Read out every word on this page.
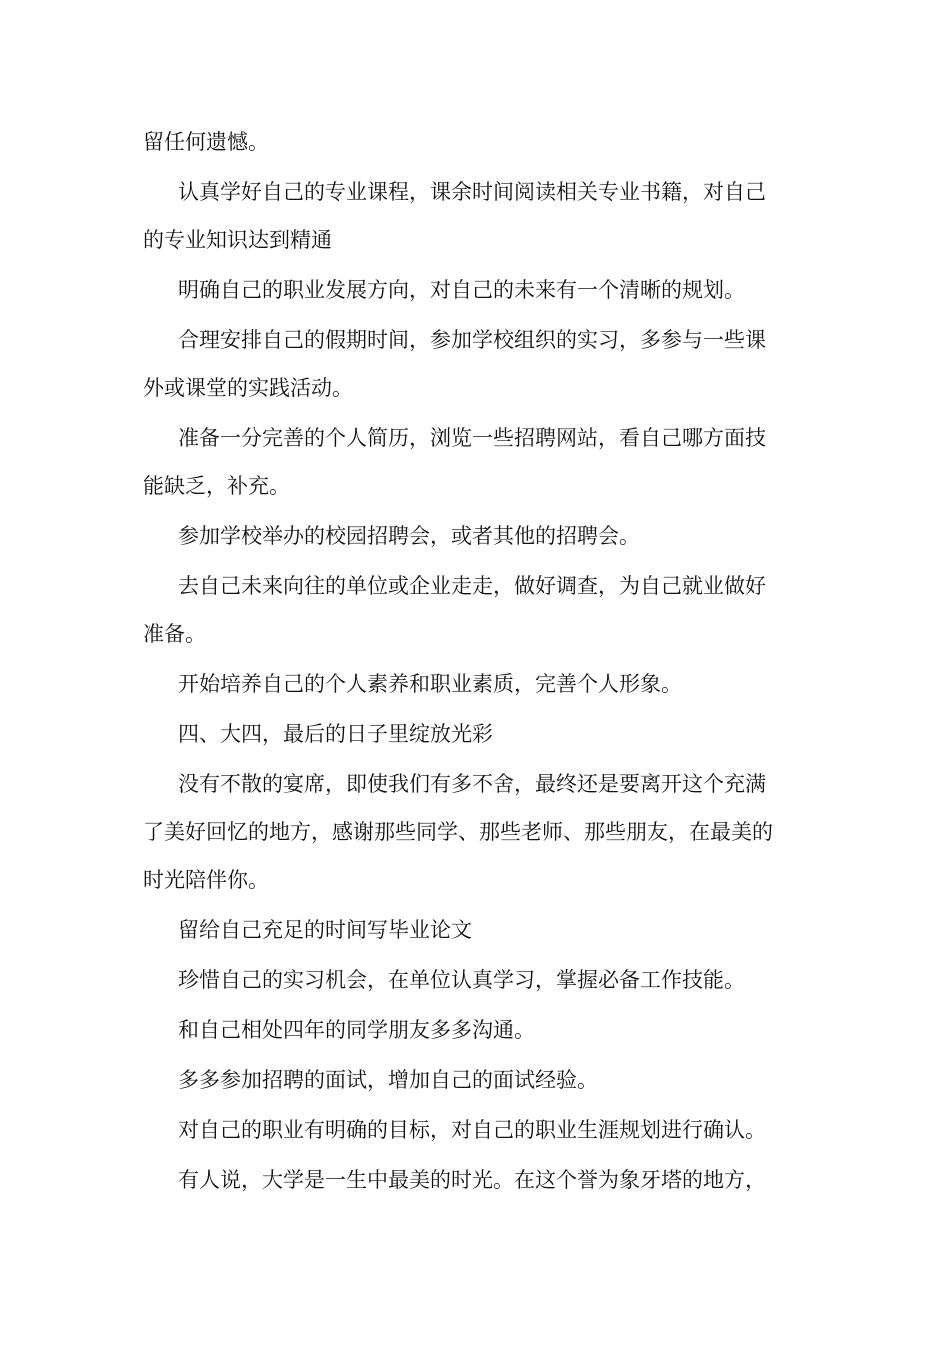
留任何遗憾。

认真学好自己的专业课程，课余时间阅读相关专业书籍，对自己的专业知识达到精通

明确自己的职业发展方向，对自己的未来有一个清晰的规划。

合理安排自己的假期时间，参加学校组织的实习，多参与一些课外或课堂的实践活动。

准备一分完善的个人简历，浏览一些招聘网站，看自己哪方面技能缺乏，补充。

参加学校举办的校园招聘会，或者其他的招聘会。

去自己未来向往的单位或企业走走，做好调查，为自己就业做好准备。

开始培养自己的个人素养和职业素质，完善个人形象。

四、大四，最后的日子里绽放光彩

没有不散的宴席，即使我们有多不舍，最终还是要离开这个充满了美好回忆的地方，感谢那些同学、那些老师、那些朋友，在最美的时光陪伴你。

留给自己充足的时间写毕业论文

珍惜自己的实习机会，在单位认真学习，掌握必备工作技能。

和自己相处四年的同学朋友多多沟通。

多多参加招聘的面试，增加自己的面试经验。

对自己的职业有明确的目标，对自己的职业生涯规划进行确认。

有人说，大学是一生中最美的时光。在这个誉为象牙塔的地方，
